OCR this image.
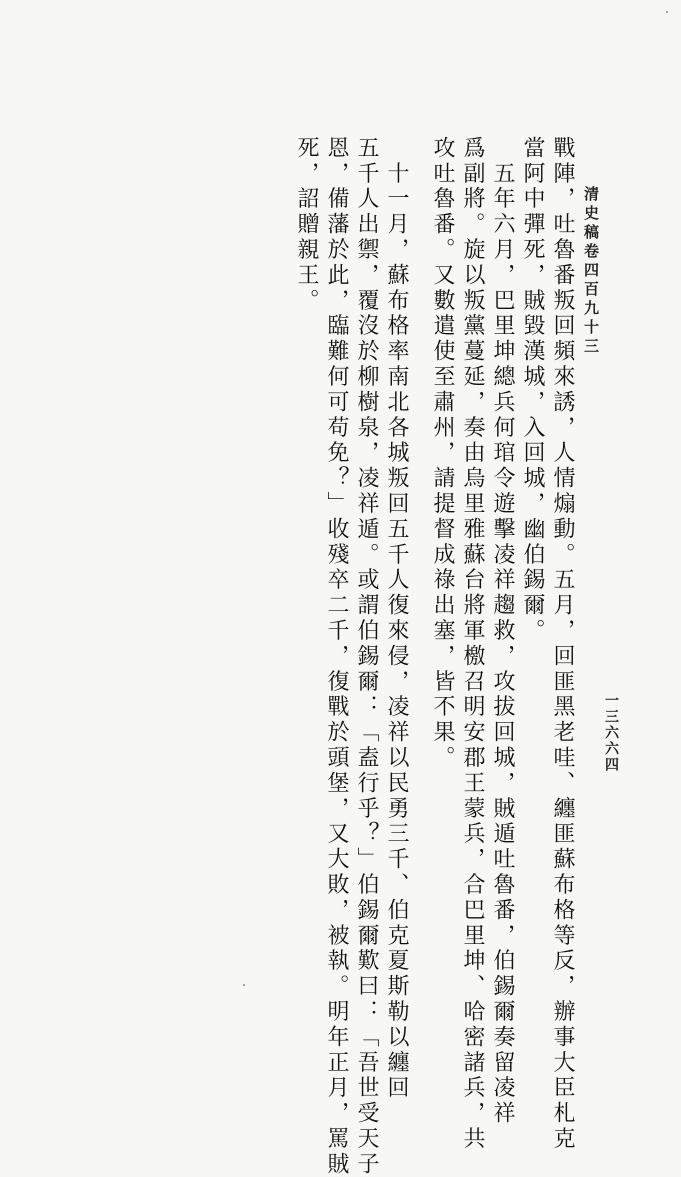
清史稿卷四百九十三
一三六六四
戰陣，吐魯番叛回頻來誘，人情煽動。五月，回匪黑老哇、纏匪蘇布格等反，辦事大臣札克
當阿中彈死，賊毀漢城，入回城，幽伯錫爾。
　五年六月，巴里坤總兵何琯令遊擊凌祥趨救，攻拔回城，賊遁吐魯番，伯錫爾奏留凌祥
爲副將。旋以叛黨蔓延，奏由烏里雅蘇台將軍檄召明安郡王蒙兵，合巴里坤、哈密諸兵，共
攻吐魯番。又數遣使至肅州，請提督成祿出塞，皆不果。
　十一月，蘇布格率南北各城叛回五千人復來侵，凌祥以民勇三千、伯克夏斯勒以纏回
五千人出禦，覆沒於柳樹泉，凌祥遁。或謂伯錫爾：「盍行乎？」伯錫爾歎曰：「吾世受天子
恩，備藩於此，臨難何可苟免？」收殘卒二千，復戰於頭堡，又大敗，被執。明年正月，罵賊
死，詔贈親王。
